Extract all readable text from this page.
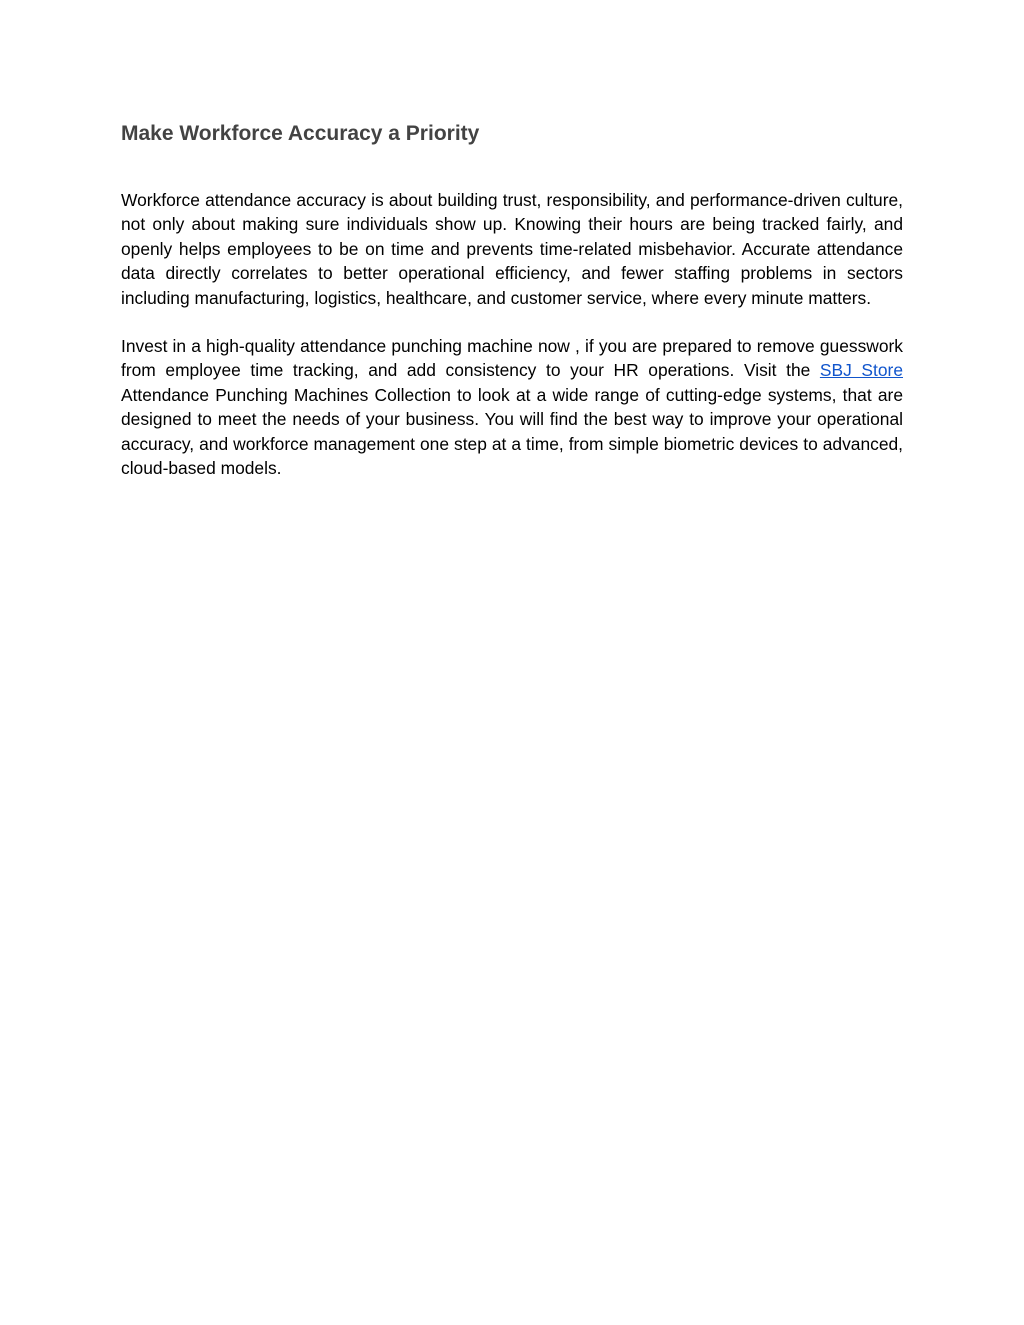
Make Workforce Accuracy a Priority

Workforce attendance accuracy is about building trust, responsibility, and performance-driven culture, not only about making sure individuals show up. Knowing their hours are being tracked fairly, and openly helps employees to be on time and prevents time-related misbehavior. Accurate attendance data directly correlates to better operational efficiency, and fewer staffing problems in sectors including manufacturing, logistics, healthcare, and customer service, where every minute matters.

Invest in a high-quality attendance punching machine now , if you are prepared to remove guesswork from employee time tracking, and add consistency to your HR operations. Visit the SBJ Store Attendance Punching Machines Collection to look at a wide range of cutting-edge systems, that are designed to meet the needs of your business. You will find the best way to improve your operational accuracy, and workforce management one step at a time, from simple biometric devices to advanced, cloud-based models.
